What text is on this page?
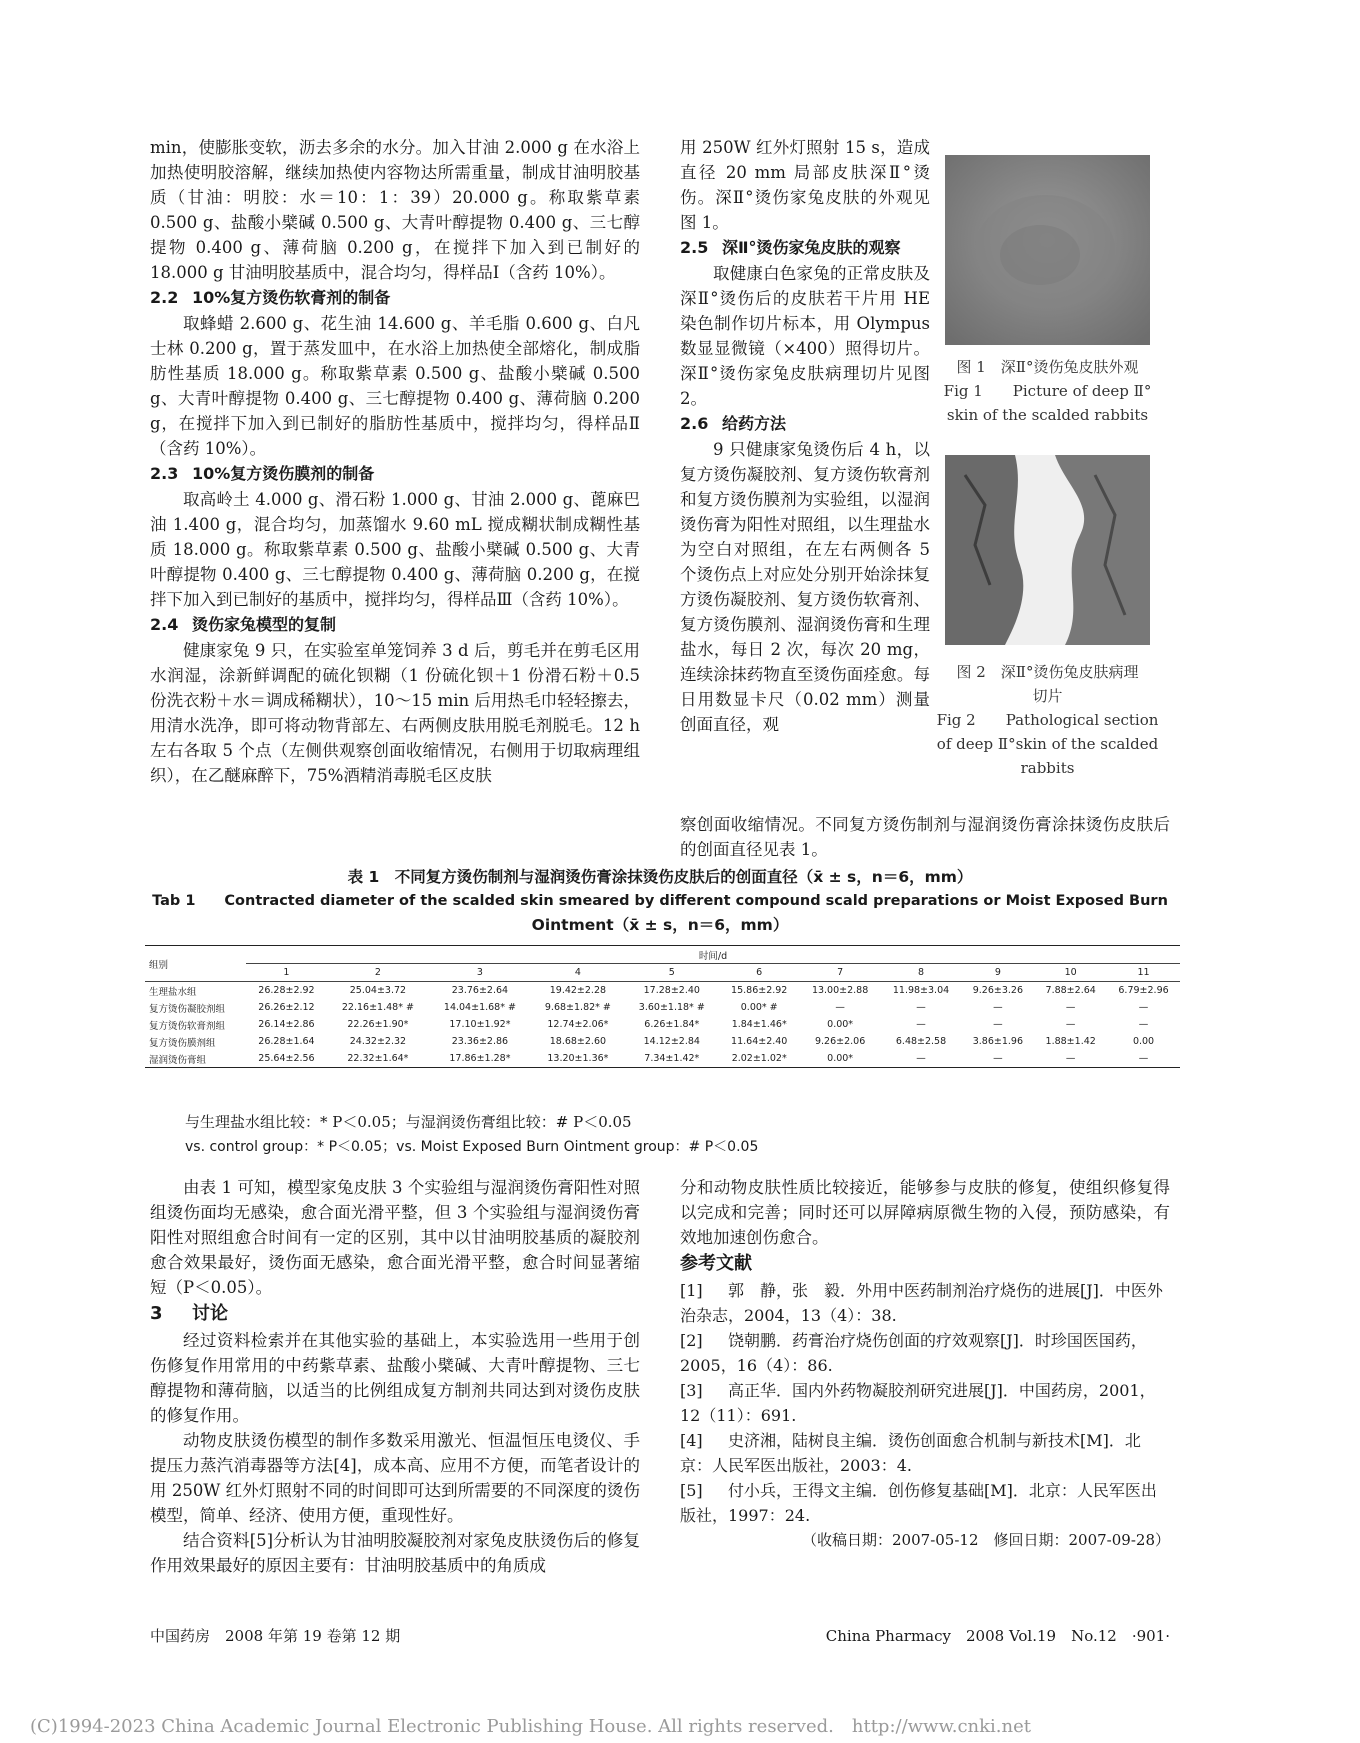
min，使膨胀变软，沥去多余的水分。加入甘油 2.000 g 在水浴上加热使明胶溶解，继续加热使内容物达所需重量，制成甘油明胶基质（甘油：明胶：水＝10：1：39）20.000 g。称取紫草素 0.500 g、盐酸小檗碱 0.500 g、大青叶醇提物 0.400 g、三七醇提物 0.400 g、薄荷脑 0.200 g，在搅拌下加入到已制好的 18.000 g 甘油明胶基质中，混合均匀，得样品Ⅰ（含药 10%）。

2.2 10%复方烫伤软膏剂的制备

取蜂蜡 2.600 g、花生油 14.600 g、羊毛脂 0.600 g、白凡士林 0.200 g，置于蒸发皿中，在水浴上加热使全部熔化，制成脂肪性基质 18.000 g。称取紫草素 0.500 g、盐酸小檗碱 0.500 g、大青叶醇提物 0.400 g、三七醇提物 0.400 g、薄荷脑 0.200 g，在搅拌下加入到已制好的脂肪性基质中，搅拌均匀，得样品Ⅱ（含药 10%）。

2.3 10%复方烫伤膜剂的制备

取高岭土 4.000 g、滑石粉 1.000 g、甘油 2.000 g、蓖麻巴油 1.400 g，混合均匀，加蒸馏水 9.60 mL 搅成糊状制成糊性基质 18.000 g。称取紫草素 0.500 g、盐酸小檗碱 0.500 g、大青叶醇提物 0.400 g、三七醇提物 0.400 g、薄荷脑 0.200 g，在搅拌下加入到已制好的基质中，搅拌均匀，得样品Ⅲ（含药 10%）。

2.4 烫伤家兔模型的复制

健康家兔 9 只，在实验室单笼饲养 3 d 后，剪毛并在剪毛区用水润湿，涂新鲜调配的硫化钡糊（1 份硫化钡＋1 份滑石粉＋0.5 份洗衣粉＋水＝调成稀糊状），10～15 min 后用热毛巾轻轻擦去，用清水洗净，即可将动物背部左、右两侧皮肤用脱毛剂脱毛。12 h 左右各取 5 个点（左侧供观察创面收缩情况，右侧用于切取病理组织），在乙醚麻醉下，75%酒精消毒脱毛区皮肤

用 250W 红外灯照射 15 s，造成直径 20 mm 局部皮肤深Ⅱ°烫伤。深Ⅱ°烫伤家兔皮肤的外观见图 1。

2.5 深Ⅱ°烫伤家兔皮肤的观察

取健康白色家兔的正常皮肤及深Ⅱ°烫伤后的皮肤若干片用 HE 染色制作切片标本，用 Olympus 数显显微镜（×400）照得切片。深Ⅱ°烫伤家兔皮肤病理切片见图 2。

2.6 给药方法

9 只健康家兔烫伤后 4 h，以复方烫伤凝胶剂、复方烫伤软膏剂和复方烫伤膜剂为实验组，以湿润烫伤膏为阳性对照组，以生理盐水为空白对照组，在左右两侧各 5 个烫伤点上对应处分别开始涂抹复方烫伤凝胶剂、复方烫伤软膏剂、复方烫伤膜剂、湿润烫伤膏和生理盐水，每日 2 次，每次 20 mg，连续涂抹药物直至烫伤面痊愈。每日用数显卡尺（0.02 mm）测量创面直径，观

图 1　深Ⅱ°烫伤兔皮肤外观

Fig 1　　Picture of deep Ⅱ°

skin of the scalded rabbits

图 2　深Ⅱ°烫伤兔皮肤病理

切片

Fig 2　　Pathological section

of deep Ⅱ°skin of the scalded

rabbits

察创面收缩情况。不同复方烫伤制剂与湿润烫伤膏涂抹烫伤皮肤后的创面直径见表 1。

表 1　不同复方烫伤制剂与湿润烫伤膏涂抹烫伤皮肤后的创面直径（x̄ ± s，n＝6，mm）
Tab 1　　Contracted diameter of the scalded skin smeared by different compound scald preparations or Moist Exposed Burn
Ointment（x̄ ± s，n＝6，mm）
组别	时间/d										
	1	2	3	4	5	6	7	8	9	10	11
生理盐水组	26.28±2.92	25.04±3.72	23.76±2.64	19.42±2.28	17.28±2.40	15.86±2.92	13.00±2.88	11.98±3.04	9.26±3.26	7.88±2.64	6.79±2.96
复方烫伤凝胶剂组	26.26±2.12	22.16±1.48* #	14.04±1.68* #	9.68±1.82* #	3.60±1.18* #	0.00* #	—	—	—	—	—
复方烫伤软膏剂组	26.14±2.86	22.26±1.90*	17.10±1.92*	12.74±2.06*	6.26±1.84*	1.84±1.46*	0.00*	—	—	—	—
复方烫伤膜剂组	26.28±1.64	24.32±2.32	23.36±2.86	18.68±2.60	14.12±2.84	11.64±2.40	9.26±2.06	6.48±2.58	3.86±1.96	1.88±1.42	0.00
湿润烫伤膏组	25.64±2.56	22.32±1.64*	17.86±1.28*	13.20±1.36*	7.34±1.42*	2.02±1.02*	0.00*	—	—	—	—

与生理盐水组比较：* P＜0.05；与湿润烫伤膏组比较：# P＜0.05

vs. control group：* P＜0.05；vs. Moist Exposed Burn Ointment group：# P＜0.05

由表 1 可知，模型家兔皮肤 3 个实验组与湿润烫伤膏阳性对照组烫伤面均无感染，愈合面光滑平整，但 3 个实验组与湿润烫伤膏阳性对照组愈合时间有一定的区别，其中以甘油明胶基质的凝胶剂愈合效果最好，烫伤面无感染，愈合面光滑平整，愈合时间显著缩短（P＜0.05）。

3 讨论

经过资料检索并在其他实验的基础上，本实验选用一些用于创伤修复作用常用的中药紫草素、盐酸小檗碱、大青叶醇提物、三七醇提物和薄荷脑，以适当的比例组成复方制剂共同达到对烫伤皮肤的修复作用。

动物皮肤烫伤模型的制作多数采用激光、恒温恒压电烫仪、手提压力蒸汽消毒器等方法[4]，成本高、应用不方便，而笔者设计的用 250W 红外灯照射不同的时间即可达到所需要的不同深度的烫伤模型，简单、经济、使用方便，重现性好。

结合资料[5]分析认为甘油明胶凝胶剂对家兔皮肤烫伤后的修复作用效果最好的原因主要有：甘油明胶基质中的角质成

分和动物皮肤性质比较接近，能够参与皮肤的修复，使组织修复得以完成和完善；同时还可以屏障病原微生物的入侵，预防感染，有效地加速创伤愈合。

参考文献

[1] 郭　静，张　毅．外用中医药制剂治疗烧伤的进展[J]．中医外治杂志，2004，13（4）：38.

[2] 饶朝鹏．药膏治疗烧伤创面的疗效观察[J]．时珍国医国药，2005，16（4）：86.

[3] 高正华．国内外药物凝胶剂研究进展[J]．中国药房，2001，12（11）：691.

[4] 史济湘，陆树良主编．烫伤创面愈合机制与新技术[M]．北京：人民军医出版社，2003：4.

[5] 付小兵，王得文主编．创伤修复基础[M]．北京：人民军医出版社，1997：24.

（收稿日期：2007-05-12　修回日期：2007-09-28）

中国药房　2008 年第 19 卷第 12 期	China Pharmacy　2008 Vol.19　No.12　·901·
(C)1994-2023 China Academic Journal Electronic Publishing House. All rights reserved.　http://www.cnki.net
